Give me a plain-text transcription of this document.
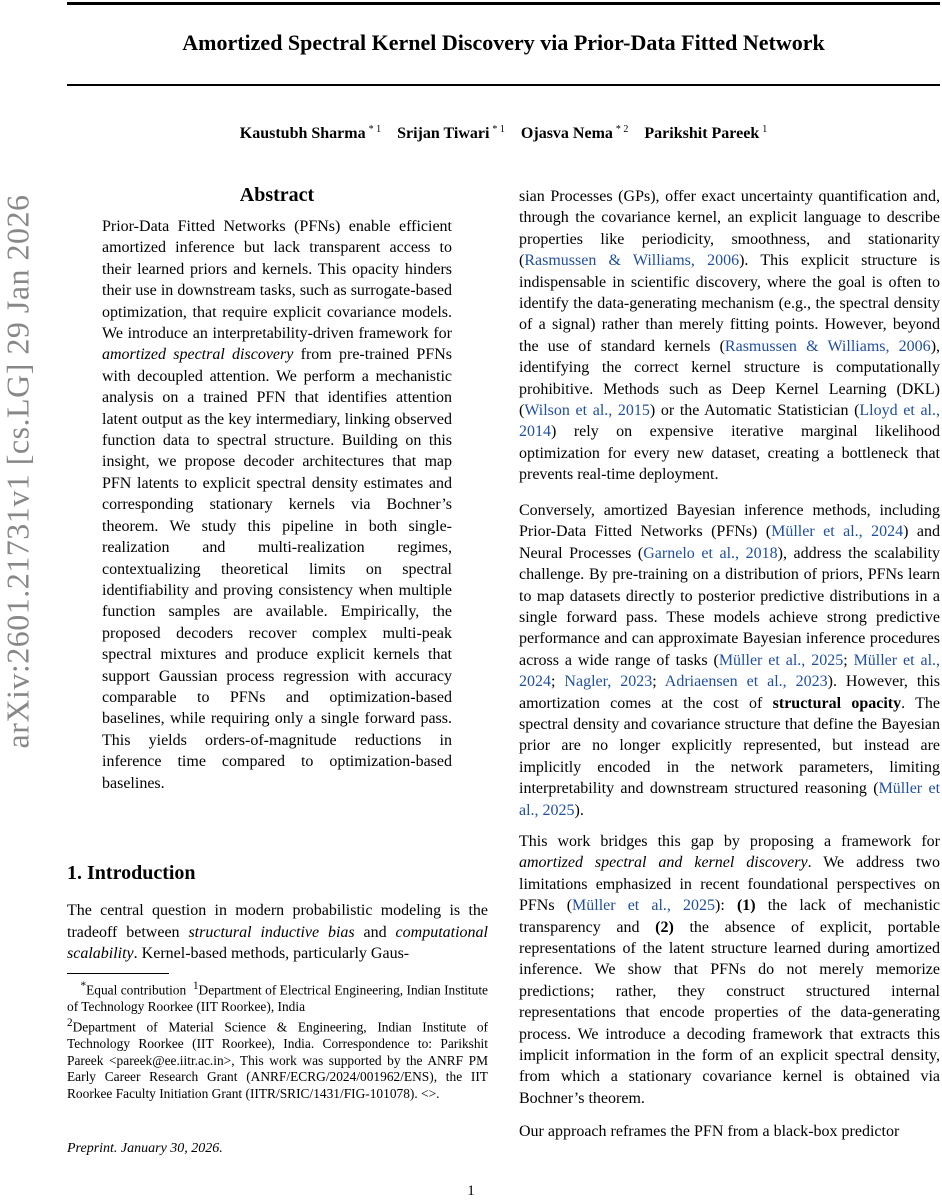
Amortized Spectral Kernel Discovery via Prior-Data Fitted Network
Kaustubh Sharma $^{* 1}$ Srijan Tiwari $^{* 1}$ Ojasva Nema $^{* 2}$ Parikshit Pareek $^1$
arXiv:2601.21731v1 [cs.LG] 29 Jan 2026	Abstract
Prior-Data Fitted Networks (PFNs) enable efficient amortized inference but lack transparent access to their learned priors and kernels. This opacity hinders their use in downstream tasks, such as surrogate-based optimization, that require explicit covariance models. We introduce an interpretability-driven framework for amortized spectral discovery from pre-trained PFNs with decoupled attention. We perform a mechanistic analysis on a trained PFN that identifies attention latent output as the key intermediary, linking observed function data to spectral structure. Building on this insight, we propose decoder architectures that map PFN latents to explicit spectral density estimates and corresponding stationary kernels via Bochner’s theorem. We study this pipeline in both single-realization and multi-realization regimes, contextualizing theoretical limits on spectral identifiability and proving consistency when multiple function samples are available. Empirically, the proposed decoders recover complex multi-peak spectral mixtures and produce explicit kernels that support Gaussian process regression with accuracy comparable to PFNs and optimization-based baselines, while requiring only a single forward pass. This yields orders-of-magnitude reductions in inference time compared to optimization-based baselines.
1. Introduction
The central question in modern probabilistic modeling is the tradeoff between structural inductive bias and computational scalability. Kernel-based methods, particularly Gaus-
*Equal contribution $^1$Department of Electrical Engineering, Indian Institute of Technology Roorkee (IIT Roorkee), India
$^2$Department of Material Science & Engineering, Indian Institute of Technology Roorkee (IIT Roorkee), India. Correspondence to: Parikshit Pareek <pareek@ee.iitr.ac.in>, This work was supported by the ANRF PM Early Career Research Grant (ANRF/ECRG/2024/001962/ENS), the IIT Roorkee Faculty Initiation Grant (IITR/SRIC/1431/FIG-101078). <>.
Preprint. January 30, 2026.
1
sian Processes (GPs), offer exact uncertainty quantification and, through the covariance kernel, an explicit language to describe properties like periodicity, smoothness, and stationarity (Rasmussen & Williams, 2006). This explicit structure is indispensable in scientific discovery, where the goal is often to identify the data-generating mechanism (e.g., the spectral density of a signal) rather than merely fitting points. However, beyond the use of standard kernels (Rasmussen & Williams, 2006), identifying the correct kernel structure is computationally prohibitive. Methods such as Deep Kernel Learning (DKL) (Wilson et al., 2015) or the Automatic Statistician (Lloyd et al., 2014) rely on expensive iterative marginal likelihood optimization for every new dataset, creating a bottleneck that prevents real-time deployment.
Conversely, amortized Bayesian inference methods, including Prior-Data Fitted Networks (PFNs) (Müller et al., 2024) and Neural Processes (Garnelo et al., 2018), address the scalability challenge. By pre-training on a distribution of priors, PFNs learn to map datasets directly to posterior predictive distributions in a single forward pass. These models achieve strong predictive performance and can approximate Bayesian inference procedures across a wide range of tasks (Müller et al., 2025; Müller et al., 2024; Nagler, 2023; Adriaensen et al., 2023). However, this amortization comes at the cost of structural opacity. The spectral density and covariance structure that define the Bayesian prior are no longer explicitly represented, but instead are implicitly encoded in the network parameters, limiting interpretability and downstream structured reasoning (Müller et al., 2025).
This work bridges this gap by proposing a framework for amortized spectral and kernel discovery. We address two limitations emphasized in recent foundational perspectives on PFNs (Müller et al., 2025): (1) the lack of mechanistic transparency and (2) the absence of explicit, portable representations of the latent structure learned during amortized inference. We show that PFNs do not merely memorize predictions; rather, they construct structured internal representations that encode properties of the data-generating process. We introduce a decoding framework that extracts this implicit information in the form of an explicit spectral density, from which a stationary covariance kernel is obtained via Bochner’s theorem.
Our approach reframes the PFN from a black-box predictor
